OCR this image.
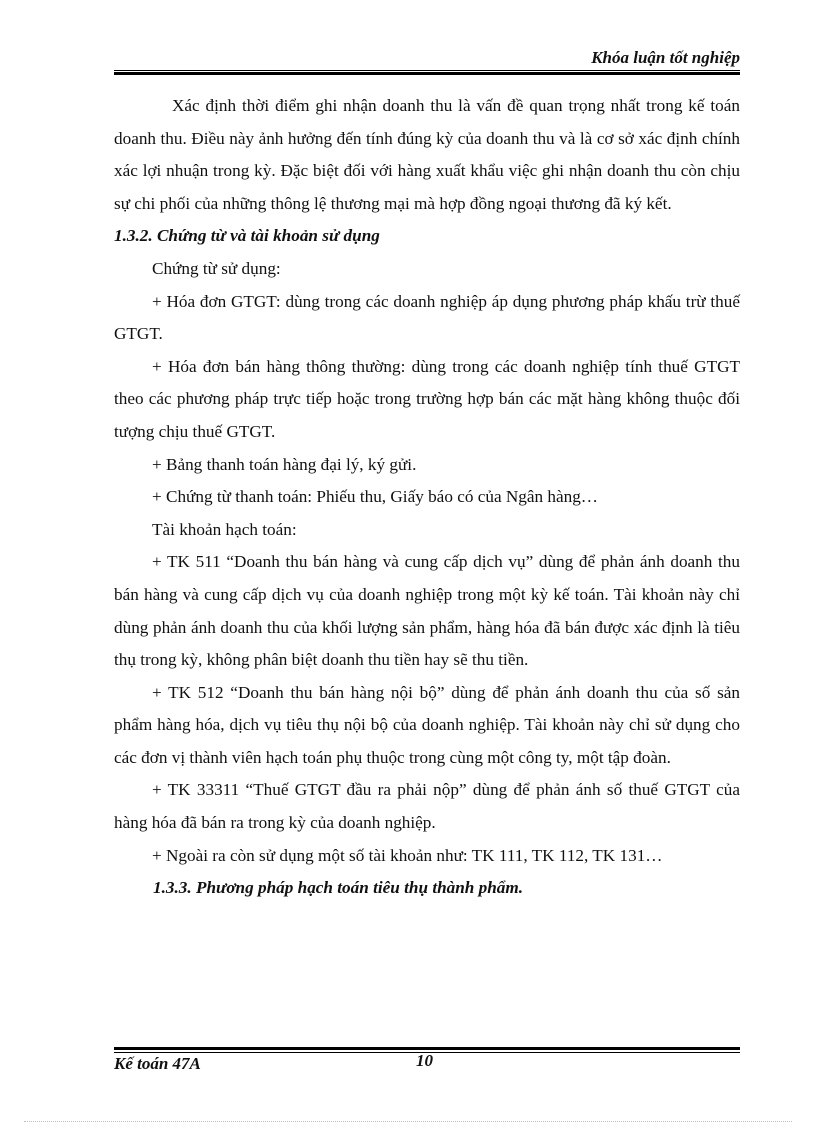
Khóa luận tốt nghiệp

Xác định thời điểm ghi nhận doanh thu là vấn đề quan trọng nhất trong kế toán doanh thu. Điều này ảnh hưởng đến tính đúng kỳ của doanh thu và là cơ sở xác định chính xác lợi nhuận trong kỳ. Đặc biệt đối với hàng xuất khẩu việc ghi nhận doanh thu còn chịu sự chi phối của những thông lệ thương mại mà hợp đồng ngoại thương đã ký kết.

1.3.2. Chứng từ và tài khoản sử dụng

Chứng từ sử dụng:

+ Hóa đơn GTGT: dùng trong các doanh nghiệp áp dụng phương pháp khấu trừ thuế GTGT.

+ Hóa đơn bán hàng thông thường: dùng trong các doanh nghiệp tính thuế GTGT theo các phương pháp trực tiếp hoặc trong trường hợp bán các mặt hàng không thuộc đối tượng chịu thuế GTGT.

+ Bảng thanh toán hàng đại lý, ký gửi.

+ Chứng từ thanh toán: Phiếu thu, Giấy báo có của Ngân hàng…

Tài khoản hạch toán:

+ TK 511 “Doanh thu bán hàng và cung cấp dịch vụ” dùng để phản ánh doanh thu bán hàng và cung cấp dịch vụ của doanh nghiệp trong một kỳ kế toán. Tài khoản này chỉ dùng phản ánh doanh thu của khối lượng sản phẩm, hàng hóa đã bán được xác định là tiêu thụ trong kỳ, không phân biệt doanh thu tiền hay sẽ thu tiền.

+ TK 512 “Doanh thu bán hàng nội bộ” dùng để phản ánh doanh thu của số sản phẩm hàng hóa, dịch vụ tiêu thụ nội bộ của doanh nghiệp. Tài khoản này chỉ sử dụng cho các đơn vị thành viên hạch toán phụ thuộc trong cùng một công ty, một tập đoàn.

+ TK 33311 “Thuế GTGT đầu ra phải nộp” dùng để phản ánh số thuế GTGT của hàng hóa đã bán ra trong kỳ của doanh nghiệp.

+ Ngoài ra còn sử dụng một số tài khoản như: TK 111, TK 112, TK 131…

1.3.3. Phương pháp hạch toán tiêu thụ thành phẩm.

Kế toán 47A	10
